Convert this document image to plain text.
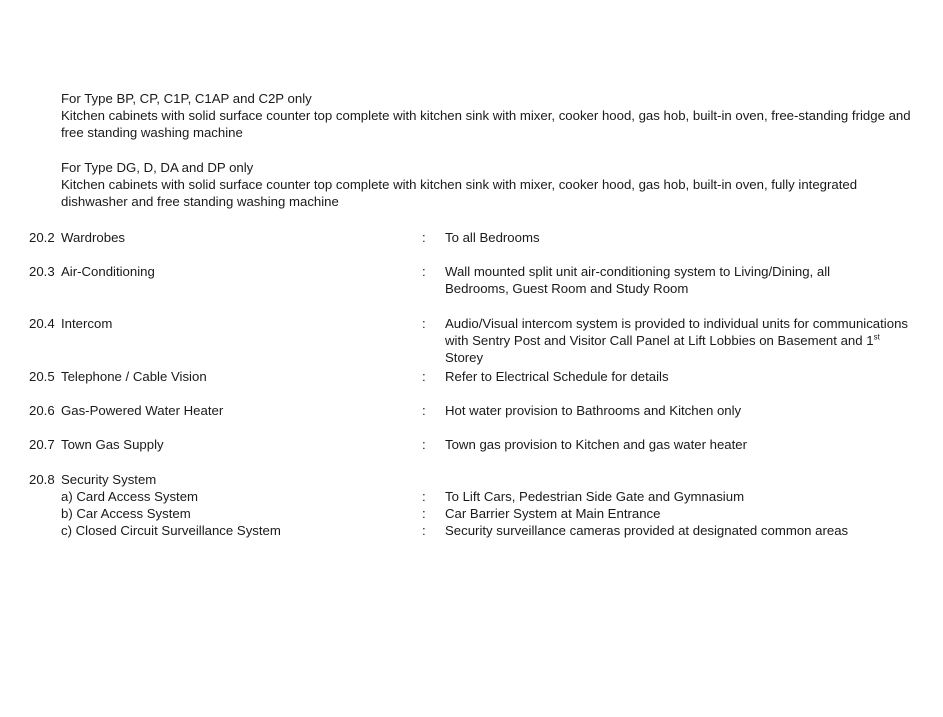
For Type BP, CP, C1P, C1AP and C2P only

Kitchen cabinets with solid surface counter top complete with kitchen sink with mixer, cooker hood, gas hob, built-in oven, free-standing fridge and free standing washing machine

For Type DG, D, DA and DP only

Kitchen cabinets with solid surface counter top complete with kitchen sink with mixer, cooker hood, gas hob, built-in oven, fully integrated dishwasher and free standing washing machine

20.2 Wardrobes	: To all Bedrooms

20.3 Air-Conditioning	: Wall mounted split unit air-conditioning system to Living/Dining, all Bedrooms, Guest Room and Study Room

20.4 Intercom	: Audio/Visual intercom system is provided to individual units for communications with Sentry Post and Visitor Call Panel at Lift Lobbies on Basement and 1st Storey

20.5 Telephone / Cable Vision	: Refer to Electrical Schedule for details

20.6 Gas-Powered Water Heater	: Hot water provision to Bathrooms and Kitchen only

20.7 Town Gas Supply	: Town gas provision to Kitchen and gas water heater

20.8 Security System
a) Card Access System	: To Lift Cars, Pedestrian Side Gate and Gymnasium

b) Car Access System	: Car Barrier System at Main Entrance

c) Closed Circuit Surveillance System	: Security surveillance cameras provided at designated common areas
